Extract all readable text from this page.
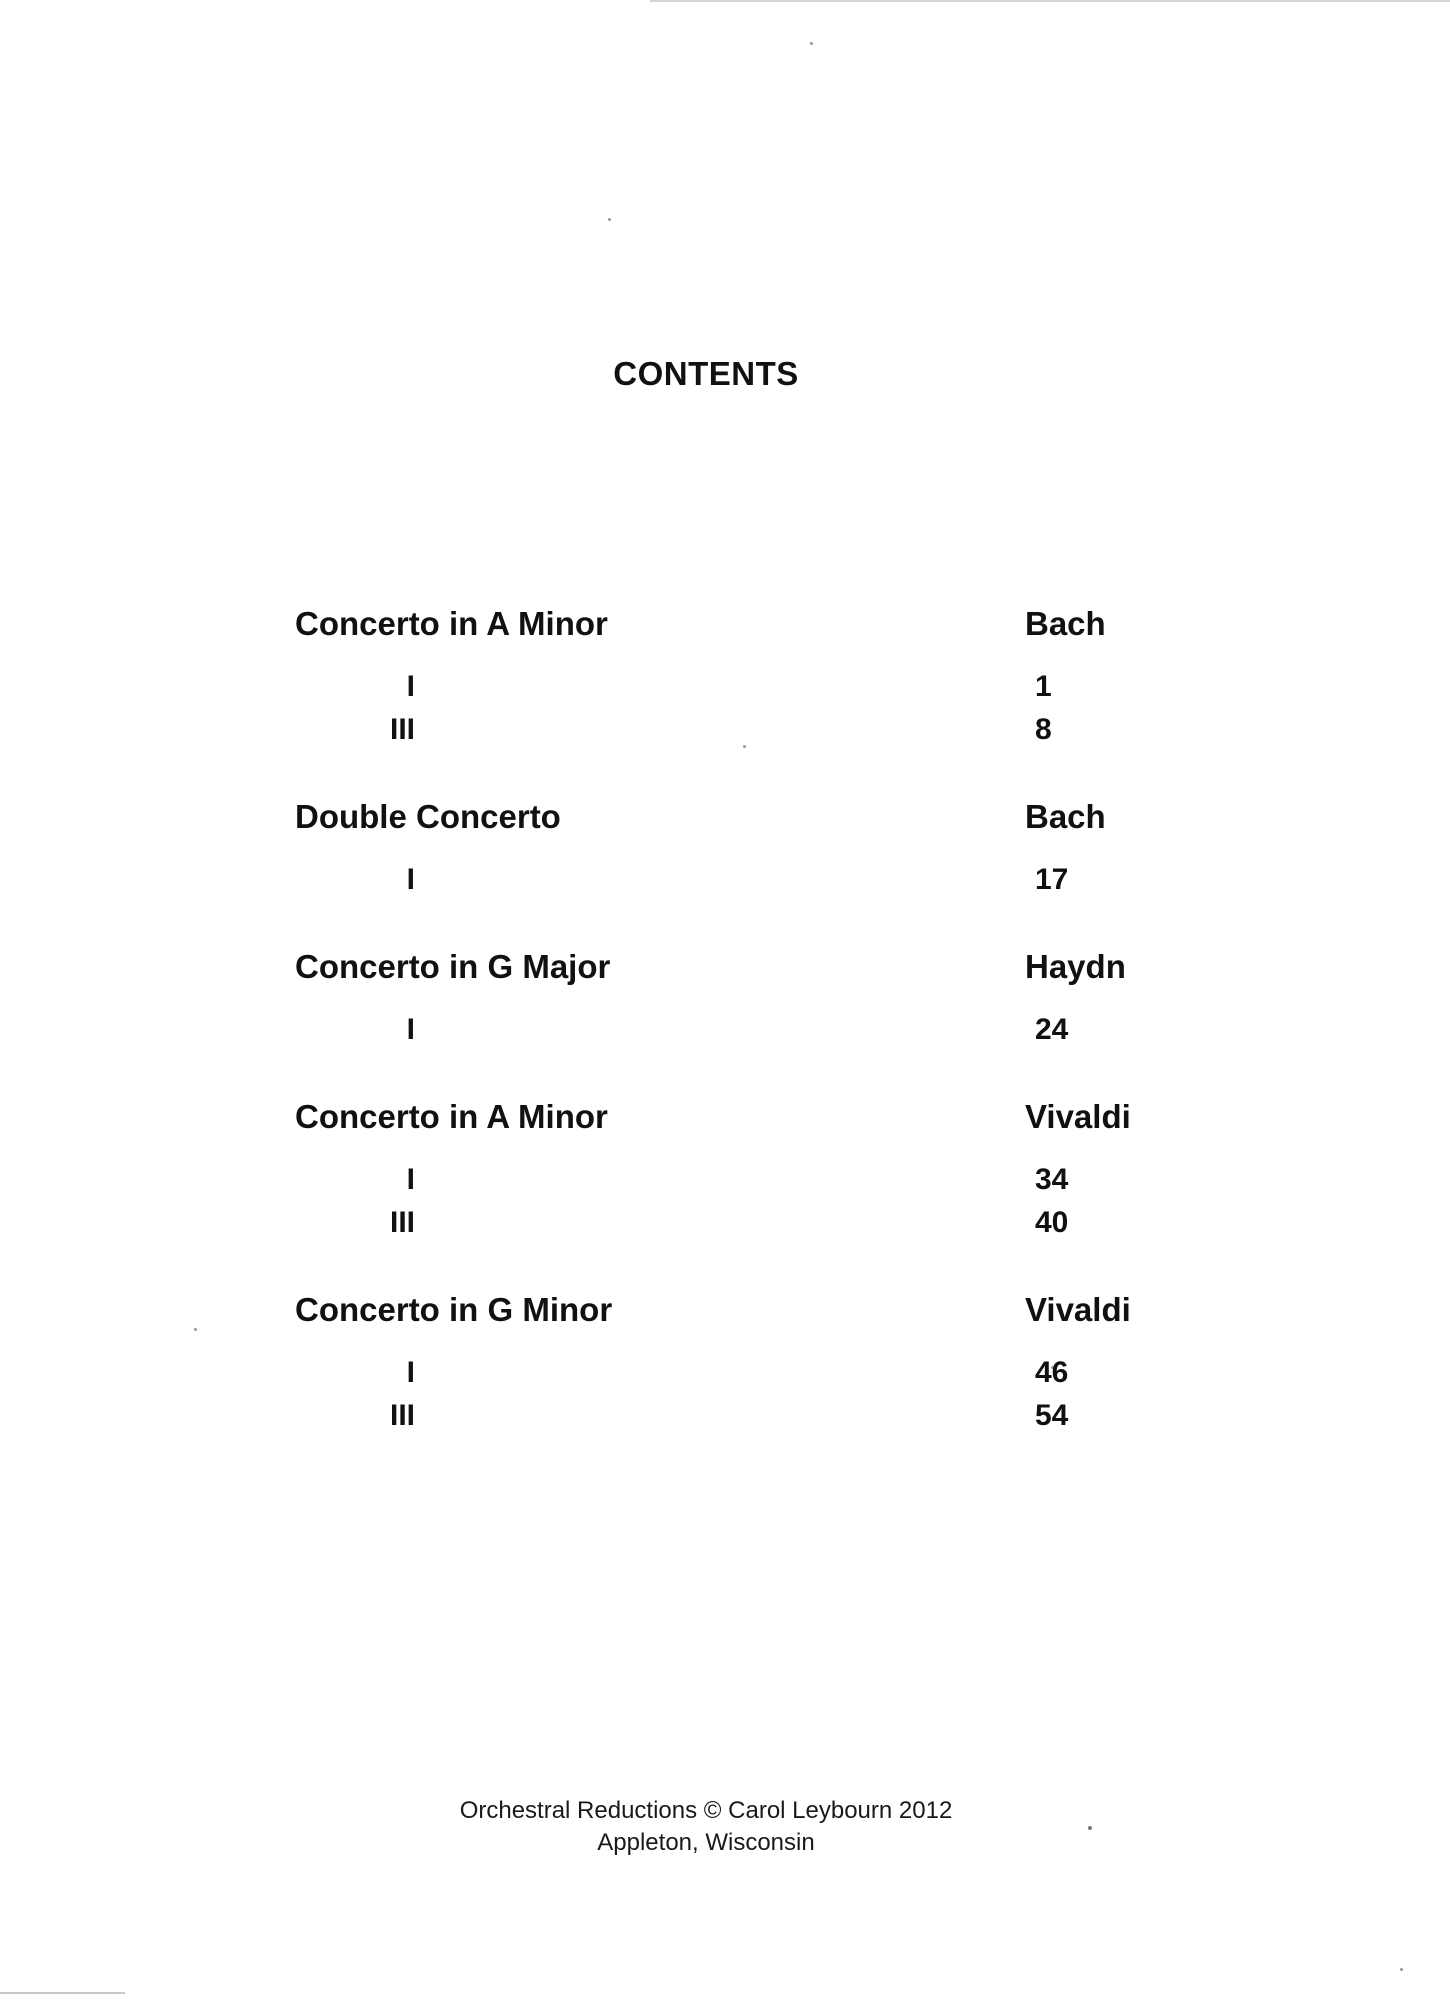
CONTENTS
Concerto in A Minor	Bach
I	1
III	8
Double Concerto	Bach
I	17
Concerto in G Major	Haydn
I	24
Concerto in A Minor	Vivaldi
I	34
III	40
Concerto in G Minor	Vivaldi
I	46
III	54
Orchestral Reductions © Carol Leybourn 2012
Appleton, Wisconsin
